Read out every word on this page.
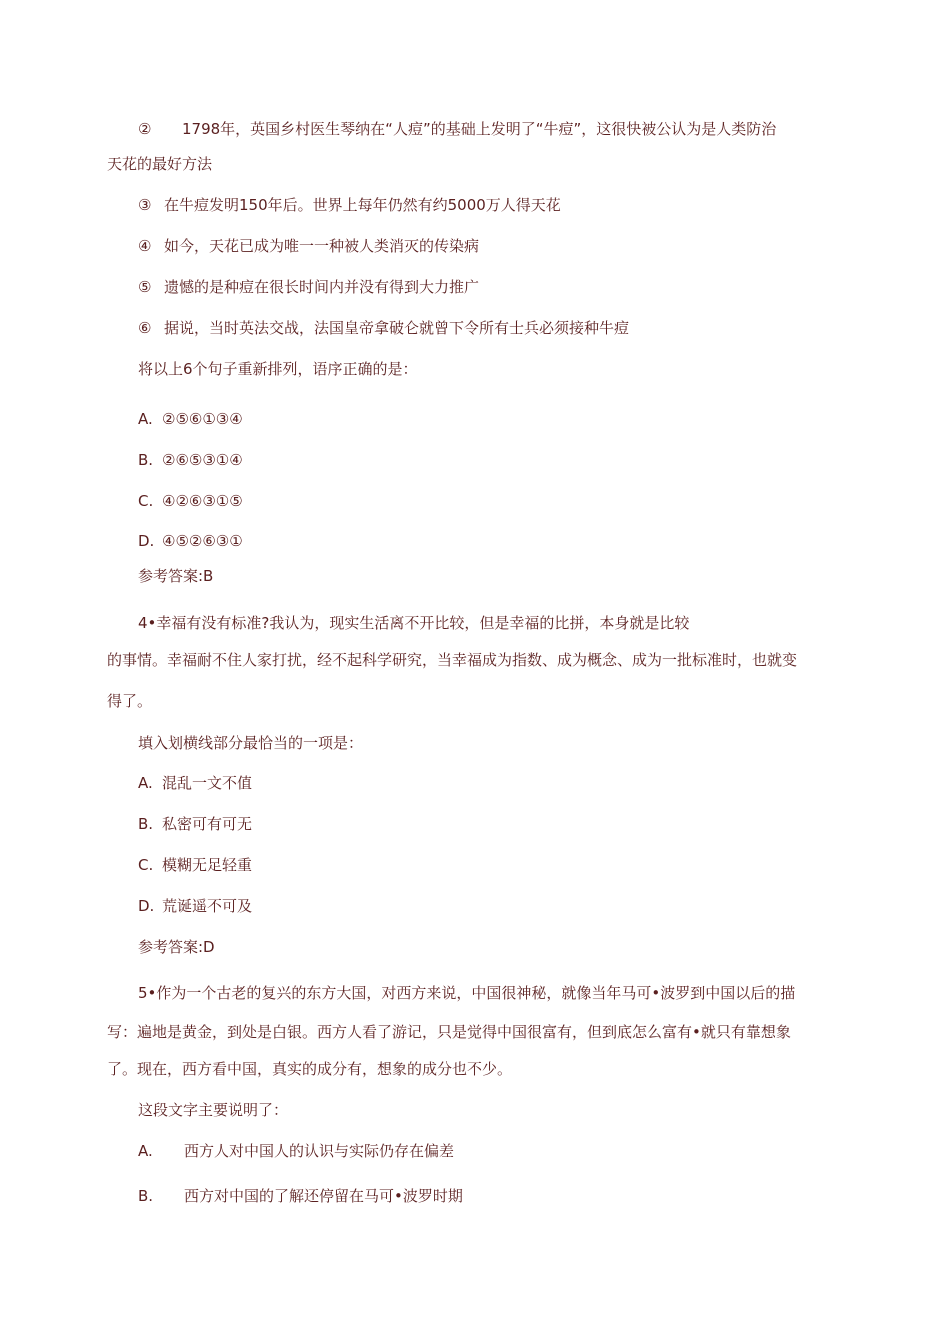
② 1798年，英国乡村医生琴纳在“人痘”的基础上发明了“牛痘”，这很快被公认为是人类防治
天花的最好方法
③ 在牛痘发明150年后。世界上每年仍然有约5000万人得天花
④ 如今，天花已成为唯一一种被人类消灭的传染病
⑤ 遗憾的是种痘在很长时间内并没有得到大力推广
⑥ 据说，当时英法交战，法国皇帝拿破仑就曾下令所有士兵必须接种牛痘
将以上6个句子重新排列，语序正确的是：
A. ②⑤⑥①③④
B. ②⑥⑤③①④
C. ④②⑥③①⑤
D. ④⑤②⑥③①
参考答案:B
4•幸福有没有标准?我认为，现实生活离不开比较，但是幸福的比拼，本身就是比较
的事情。幸福耐不住人家打扰，经不起科学研究，当幸福成为指数、成为概念、成为一批标准时，也就变
得了。
填入划横线部分最恰当的一项是：
A. 混乱一文不值
B. 私密可有可无
C. 模糊无足轻重
D. 荒诞遥不可及
参考答案:D
5•作为一个古老的复兴的东方大国，对西方来说，中国很神秘，就像当年马可•波罗到中国以后的描
写：遍地是黄金，到处是白银。西方人看了游记，只是觉得中国很富有，但到底怎么富有•就只有靠想象
了。现在，西方看中国，真实的成分有，想象的成分也不少。
这段文字主要说明了：
A. 西方人对中国人的认识与实际仍存在偏差
B. 西方对中国的了解还停留在马可•波罗时期
